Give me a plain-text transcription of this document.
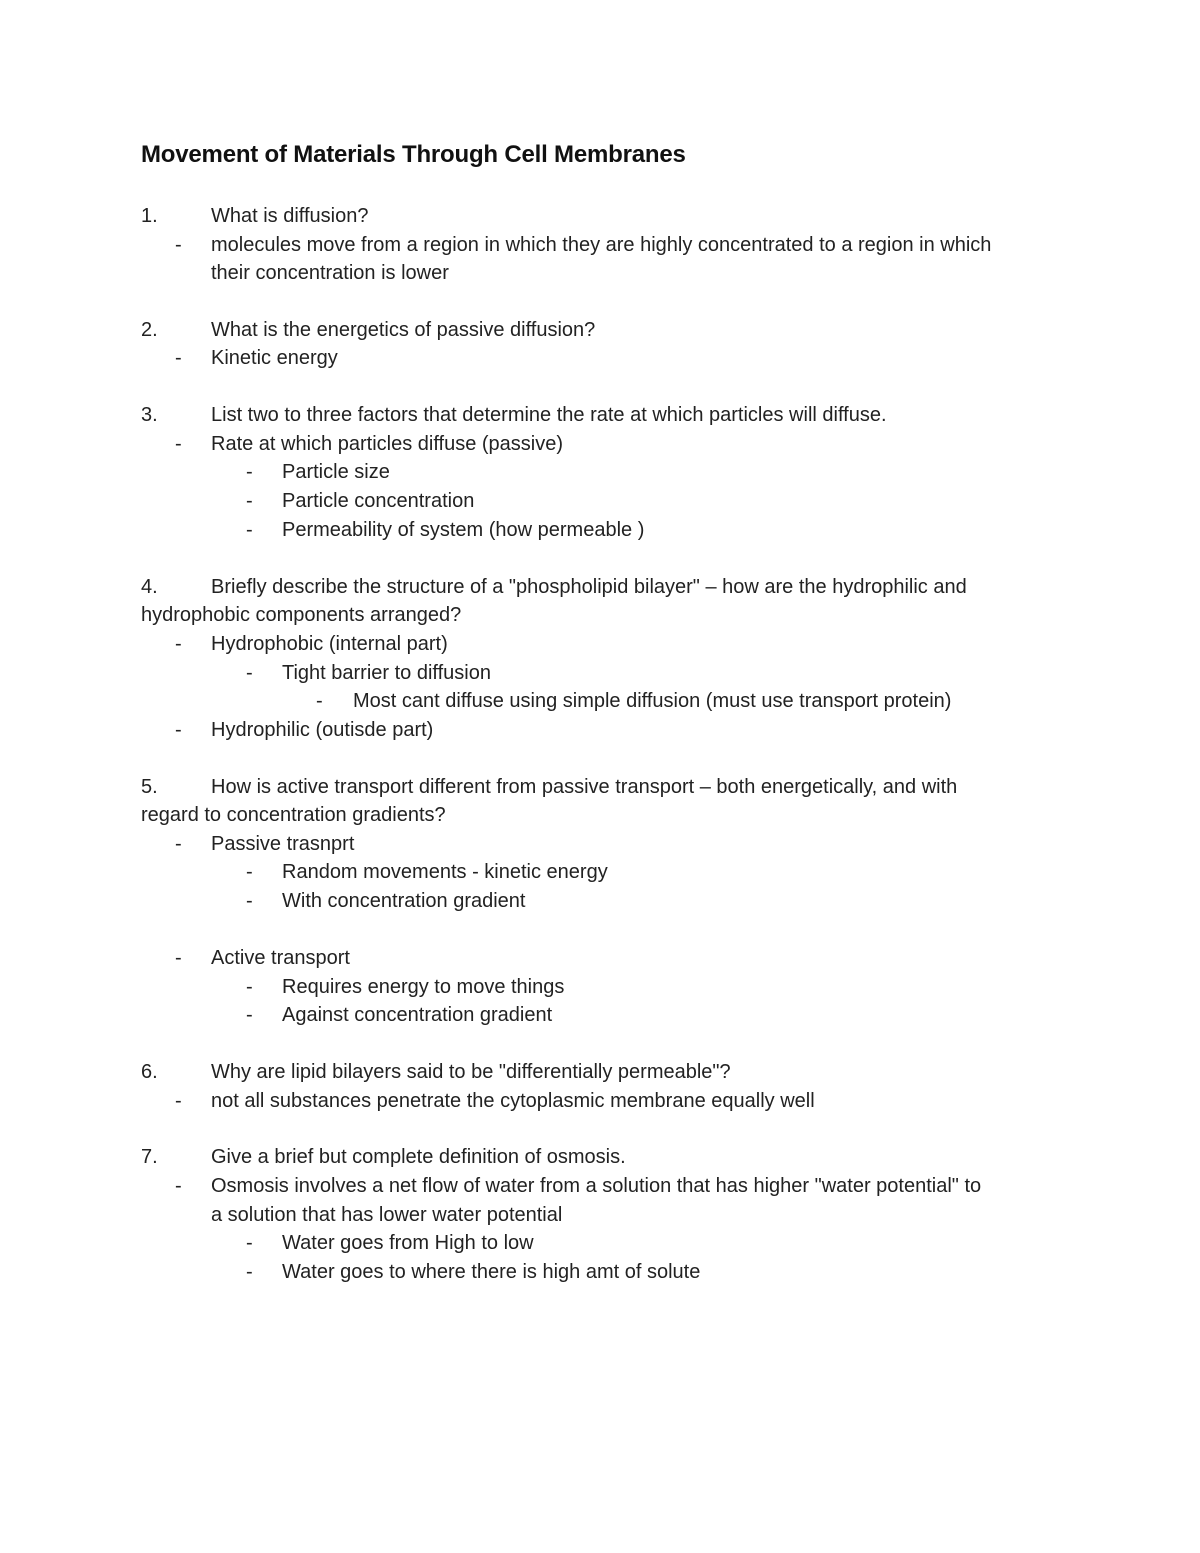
Movement of Materials Through Cell Membranes
1.	What is diffusion?
- molecules move from a region in which they are highly concentrated to a region in which
their concentration is lower
2.	What is the energetics of passive diffusion?
- Kinetic energy
3.	List two to three factors that determine the rate at which particles will diffuse.
- Rate at which particles diffuse (passive)
- Particle size
- Particle concentration
- Permeability of system (how permeable )
4.	Briefly describe the structure of a "phospholipid bilayer" – how are the hydrophilic and
hydrophobic components arranged?
- Hydrophobic (internal part)
- Tight barrier to diffusion
- Most cant diffuse using simple diffusion (must use transport protein)
- Hydrophilic (outisde part)
5.	How is active transport different from passive transport – both energetically, and with
regard to concentration gradients?
- Passive trasnprt
- Random movements - kinetic energy
- With concentration gradient
- Active transport
- Requires energy to move things
- Against concentration gradient
6.	Why are lipid bilayers said to be "differentially permeable"?
- not all substances penetrate the cytoplasmic membrane equally well
7.	Give a brief but complete definition of osmosis.
- Osmosis involves a net flow of water from a solution that has higher "water potential" to
a solution that has lower water potential
- Water goes from High to low
- Water goes to where there is high amt of solute
